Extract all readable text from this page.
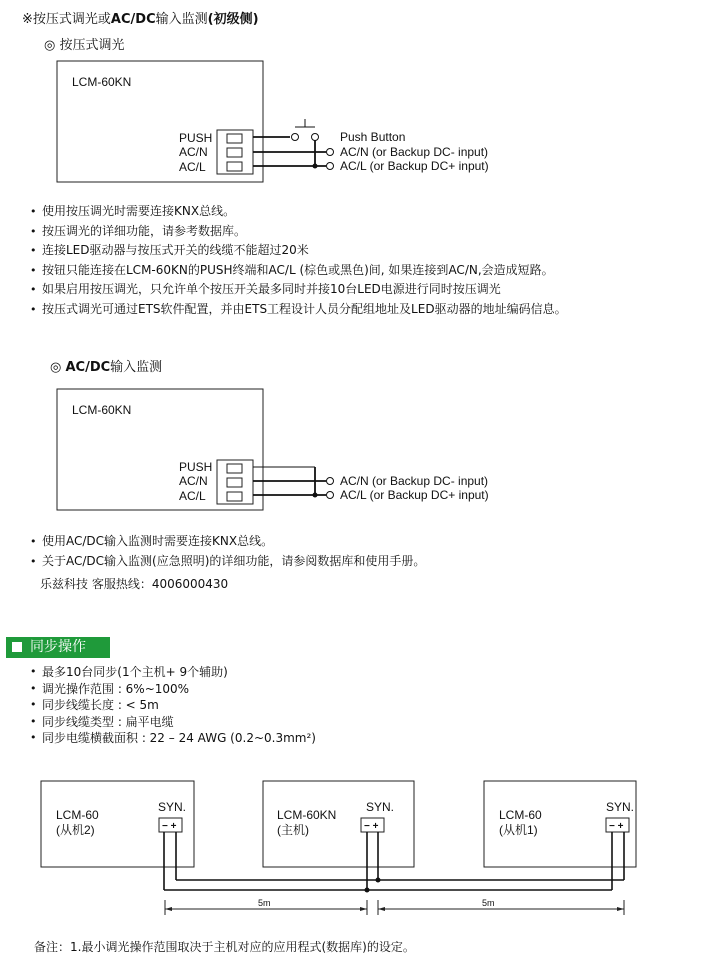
※按压式调光或AC/DC输入监测(初级侧)
◎ 按压式调光
LCM-60KN
PUSH
AC/N
AC/L
Push Button
AC/N (or Backup DC- input)
AC/L (or Backup DC+ input)
• 使用按压调光时需要连接KNX总线。
• 按压调光的详细功能，请参考数据库。
• 连接LED驱动器与按压式开关的线缆不能超过20米
• 按钮只能连接在LCM-60KN的PUSH终端和AC/L (棕色或黑色)间, 如果连接到AC/N,会造成短路。
• 如果启用按压调光，只允许单个按压开关最多同时并接10台LED电源进行同时按压调光
• 按压式调光可通过ETS软件配置，并由ETS工程设计人员分配组地址及LED驱动器的地址编码信息。
◎ AC/DC输入监测
LCM-60KN
PUSH
AC/N
AC/L
AC/N (or Backup DC- input)
AC/L (or Backup DC+ input)
• 使用AC/DC输入监测时需要连接KNX总线。
• 关于AC/DC输入监测(应急照明)的详细功能，请参阅数据库和使用手册。
乐兹科技 客服热线：4006000430
同步操作
• 最多10台同步(1个主机+ 9个辅助)
• 调光操作范围 : 6%~100%
• 同步线缆长度 : < 5m
• 同步线缆类型 : 扁平电缆
• 同步电缆横截面积 : 22 – 24 AWG (0.2~0.3mm²)
LCM-60
(从机2)
SYN.
LCM-60KN
(主机)
SYN.
LCM-60
(从机1)
SYN.
− +	− +	− +
5m	5m
备注：1.最小调光操作范围取决于主机对应的应用程式(数据库)的设定。
